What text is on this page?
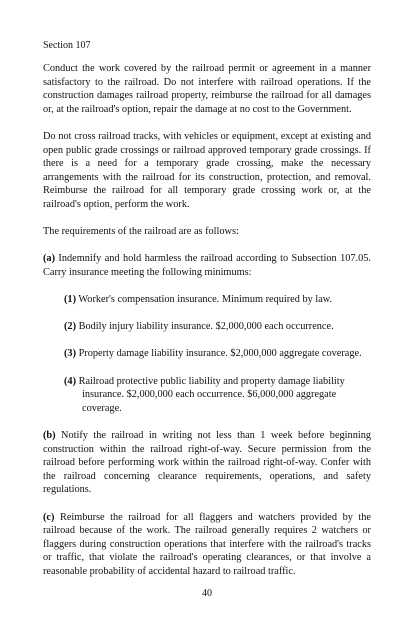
Section 107

Conduct the work covered by the railroad permit or agreement in a manner satisfactory to the railroad. Do not interfere with railroad operations. If the construction damages railroad property, reimburse the railroad for all damages or, at the railroad's option, repair the damage at no cost to the Government.

Do not cross railroad tracks, with vehicles or equipment, except at existing and open public grade crossings or railroad approved temporary grade crossings. If there is a need for a temporary grade crossing, make the necessary arrangements with the railroad for its construction, protection, and removal. Reimburse the railroad for all temporary grade crossing work or, at the railroad's option, perform the work.

The requirements of the railroad are as follows:

(a) Indemnify and hold harmless the railroad according to Subsection 107.05. Carry insurance meeting the following minimums:
(1) Worker's compensation insurance. Minimum required by law.
(2) Bodily injury liability insurance. $2,000,000 each occurrence.
(3) Property damage liability insurance. $2,000,000 aggregate coverage.
(4) Railroad protective public liability and property damage liability insurance. $2,000,000 each occurrence. $6,000,000 aggregate coverage.
(b) Notify the railroad in writing not less than 1 week before beginning construction within the railroad right-of-way. Secure permission from the railroad before performing work within the railroad right-of-way. Confer with the railroad concerning clearance requirements, operations, and safety regulations.
(c) Reimburse the railroad for all flaggers and watchers provided by the railroad because of the work. The railroad generally requires 2 watchers or flaggers during construction operations that interfere with the railroad's tracks or traffic, that violate the railroad's operating clearances, or that involve a reasonable probability of accidental hazard to railroad traffic.
40
